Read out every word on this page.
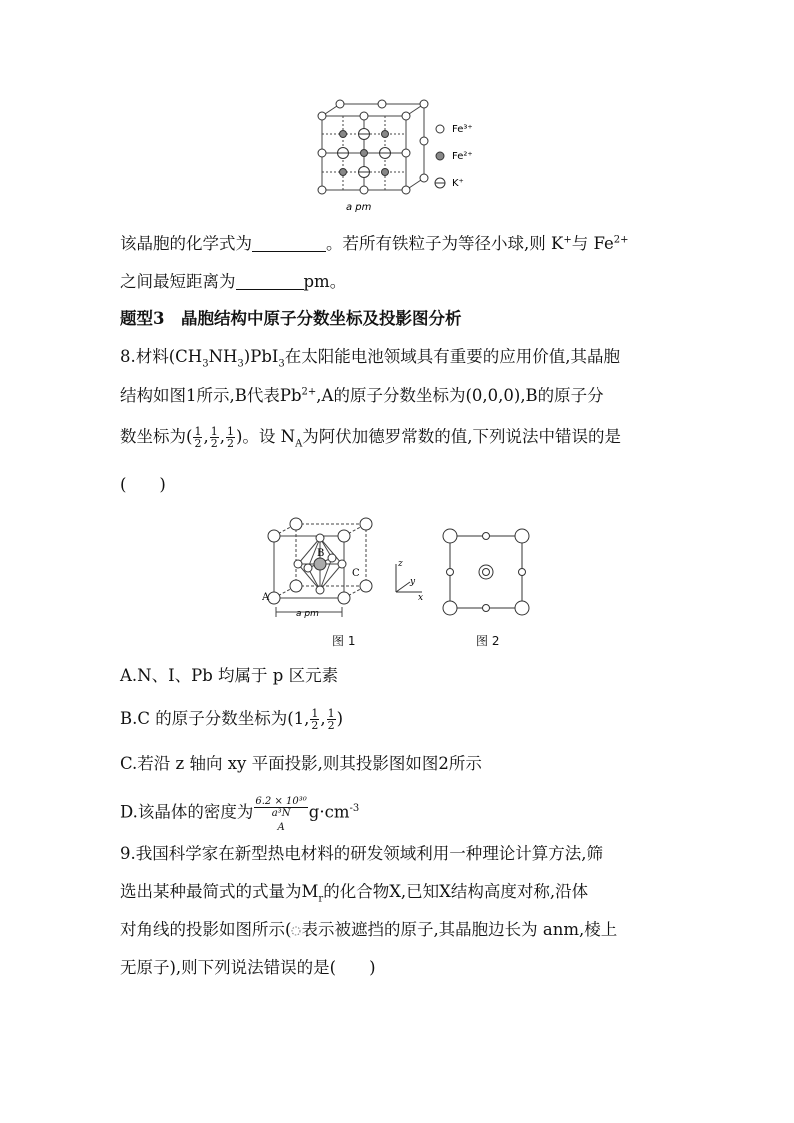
Fe³⁺
Fe²⁺
K⁺
a pm
该晶胞的化学式为	。若所有铁粒子为等径小球,则 K+与 $Fe^{2+}$
之间最短距离为	pm。
题型3　晶胞结构中原子分数坐标及投影图分析
8.材料$(CH_3NH_3)PbI_3$在太阳能电池领域具有重要的应用价值,其晶胞
结构如图1所示,B代表$Pb^{2+},A$的原子分数坐标为(0,0,0),B的原子分
数坐标为( $\frac{1}{2}$ , $\frac{1}{2}$ , $\frac{1}{2}$ )。设 $N_A$为阿伏加德罗常数的值,下列说法中错误的是
(　　)
A
B
C
a pm
z
y
x
图 1	图 2
A.N、I、Pb 均属于 p 区元素
B.C 的原子分数坐标为(1, $\frac{1}{2}$ , $\frac{1}{2}$ )
C.若沿 z 轴向 xy 平面投影,则其投影图如图2所示
D.该晶体的密度为 6.2 × 10³⁰
a³N
$_A$ $g\cdot cm^{-3}$
9.我国科学家在新型热电材料的研发领域利用一种理论计算方法,筛
选出某种最简式的式量为$M_r$的化合物X,已知X结构高度对称,沿体
对角线的投影如图所示( 表示被遮挡的原子,其晶胞边长为 anm,棱上
无原子),则下列说法错误的是(　　)
